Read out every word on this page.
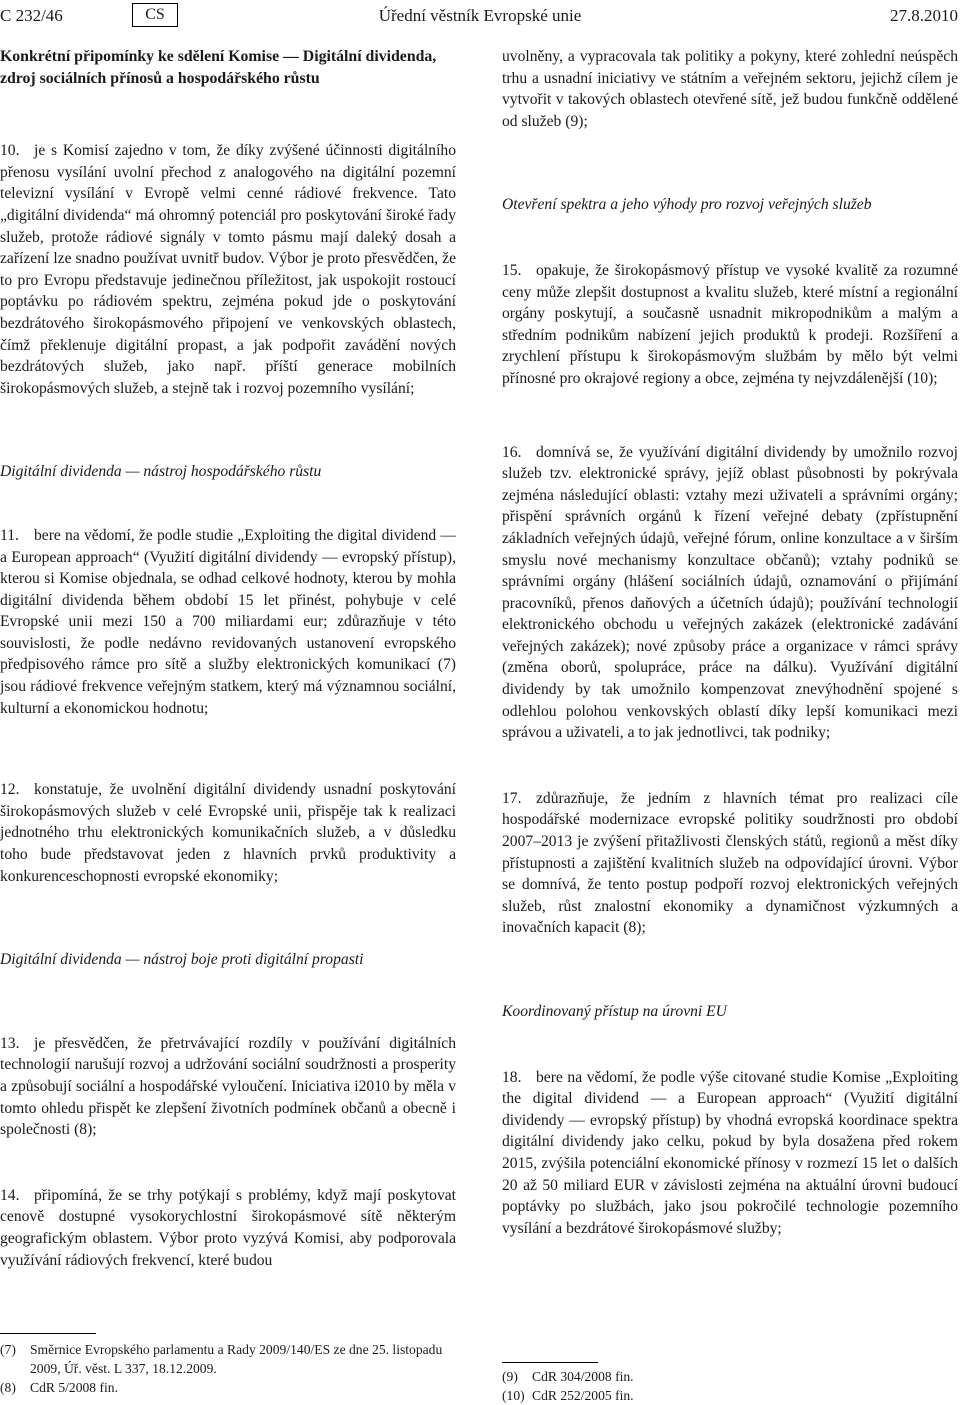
C 232/46	CS	Úřední věstník Evropské unie	27.8.2010

Konkrétní připomínky ke sdělení Komise — Digitální dividenda, zdroj sociálních přínosů a hospodářského růstu

10. je s Komisí zajedno v tom, že díky zvýšené účinnosti digitálního přenosu vysílání uvolní přechod z analogového na digitální pozemní televizní vysílání v Evropě velmi cenné rádiové frekvence. Tato „digitální dividenda“ má ohromný potenciál pro poskytování široké řady služeb, protože rádiové signály v tomto pásmu mají daleký dosah a zařízení lze snadno používat uvnitř budov. Výbor je proto přesvědčen, že to pro Evropu představuje jedinečnou příležitost, jak uspokojit rostoucí poptávku po rádiovém spektru, zejména pokud jde o poskytování bezdrátového širokopásmového připojení ve venkovských oblastech, čímž překlenuje digitální propast, a jak podpořit zavádění nových bezdrátových služeb, jako např. příští generace mobilních širokopásmových služeb, a stejně tak i rozvoj pozemního vysílání;

Digitální dividenda — nástroj hospodářského růstu

11. bere na vědomí, že podle studie „Exploiting the digital dividend — a European approach“ (Využití digitální dividendy — evropský přístup), kterou si Komise objednala, se odhad celkové hodnoty, kterou by mohla digitální dividenda během období 15 let přinést, pohybuje v celé Evropské unii mezi 150 a 700 miliardami eur; zdůrazňuje v této souvislosti, že podle nedávno revidovaných ustanovení evropského předpisového rámce pro sítě a služby elektronických komunikací (7) jsou rádiové frekvence veřejným statkem, který má významnou sociální, kulturní a ekonomickou hodnotu;

12. konstatuje, že uvolnění digitální dividendy usnadní poskytování širokopásmových služeb v celé Evropské unii, přispěje tak k realizaci jednotného trhu elektronických komunikačních služeb, a v důsledku toho bude představovat jeden z hlavních prvků produktivity a konkurenceschopnosti evropské ekonomiky;

Digitální dividenda — nástroj boje proti digitální propasti

13. je přesvědčen, že přetrvávající rozdíly v používání digitálních technologií narušují rozvoj a udržování sociální soudržnosti a prosperity a způsobují sociální a hospodářské vyloučení. Iniciativa i2010 by měla v tomto ohledu přispět ke zlepšení životních podmínek občanů a obecně i společnosti (8);

14. připomíná, že se trhy potýkají s problémy, když mají poskytovat cenově dostupné vysokorychlostní širokopásmové sítě některým geografickým oblastem. Výbor proto vyzývá Komisi, aby podporovala využívání rádiových frekvencí, které budou

(7)	Směrnice Evropského parlamentu a Rady 2009/140/ES ze dne 25. listopadu 2009, Úř. věst. L 337, 18.12.2009.
(8)	CdR 5/2008 fin.

uvolněny, a vypracovala tak politiky a pokyny, které zohlední neúspěch trhu a usnadní iniciativy ve státním a veřejném sektoru, jejichž cílem je vytvořit v takových oblastech otevřené sítě, jež budou funkčně oddělené od služeb (9);

Otevření spektra a jeho výhody pro rozvoj veřejných služeb

15. opakuje, že širokopásmový přístup ve vysoké kvalitě za rozumné ceny může zlepšit dostupnost a kvalitu služeb, které místní a regionální orgány poskytují, a současně usnadnit mikropodnikům a malým a středním podnikům nabízení jejich produktů k prodeji. Rozšíření a zrychlení přístupu k širokopásmovým službám by mělo být velmi přínosné pro okrajové regiony a obce, zejména ty nejvzdálenější (10);

16. domnívá se, že využívání digitální dividendy by umožnilo rozvoj služeb tzv. elektronické správy, jejíž oblast působnosti by pokrývala zejména následující oblasti: vztahy mezi uživateli a správními orgány; přispění správních orgánů k řízení veřejné debaty (zpřístupnění základních veřejných údajů, veřejné fórum, online konzultace a v širším smyslu nové mechanismy konzultace občanů); vztahy podniků se správními orgány (hlášení sociálních údajů, oznamování o přijímání pracovníků, přenos daňových a účetních údajů); používání technologií elektronického obchodu u veřejných zakázek (elektronické zadávání veřejných zakázek); nové způsoby práce a organizace v rámci správy (změna oborů, spolupráce, práce na dálku). Využívání digitální dividendy by tak umožnilo kompenzovat znevýhodnění spojené s odlehlou polohou venkovských oblastí díky lepší komunikaci mezi správou a uživateli, a to jak jednotlivci, tak podniky;

17. zdůrazňuje, že jedním z hlavních témat pro realizaci cíle hospodářské modernizace evropské politiky soudržnosti pro období 2007–2013 je zvýšení přitažlivosti členských států, regionů a měst díky přístupnosti a zajištění kvalitních služeb na odpovídající úrovni. Výbor se domnívá, že tento postup podpoří rozvoj elektronických veřejných služeb, růst znalostní ekonomiky a dynamičnost výzkumných a inovačních kapacit (8);

Koordinovaný přístup na úrovni EU

18. bere na vědomí, že podle výše citované studie Komise „Exploiting the digital dividend — a European approach“ (Využití digitální dividendy — evropský přístup) by vhodná evropská koordinace spektra digitální dividendy jako celku, pokud by byla dosažena před rokem 2015, zvýšila potenciální ekonomické přínosy v rozmezí 15 let o dalších 20 až 50 miliard EUR v závislosti zejména na aktuální úrovni budoucí poptávky po službách, jako jsou pokročilé technologie pozemního vysílání a bezdrátové širokopásmové služby;

(9)	CdR 304/2008 fin.
(10) CdR 252/2005 fin.
